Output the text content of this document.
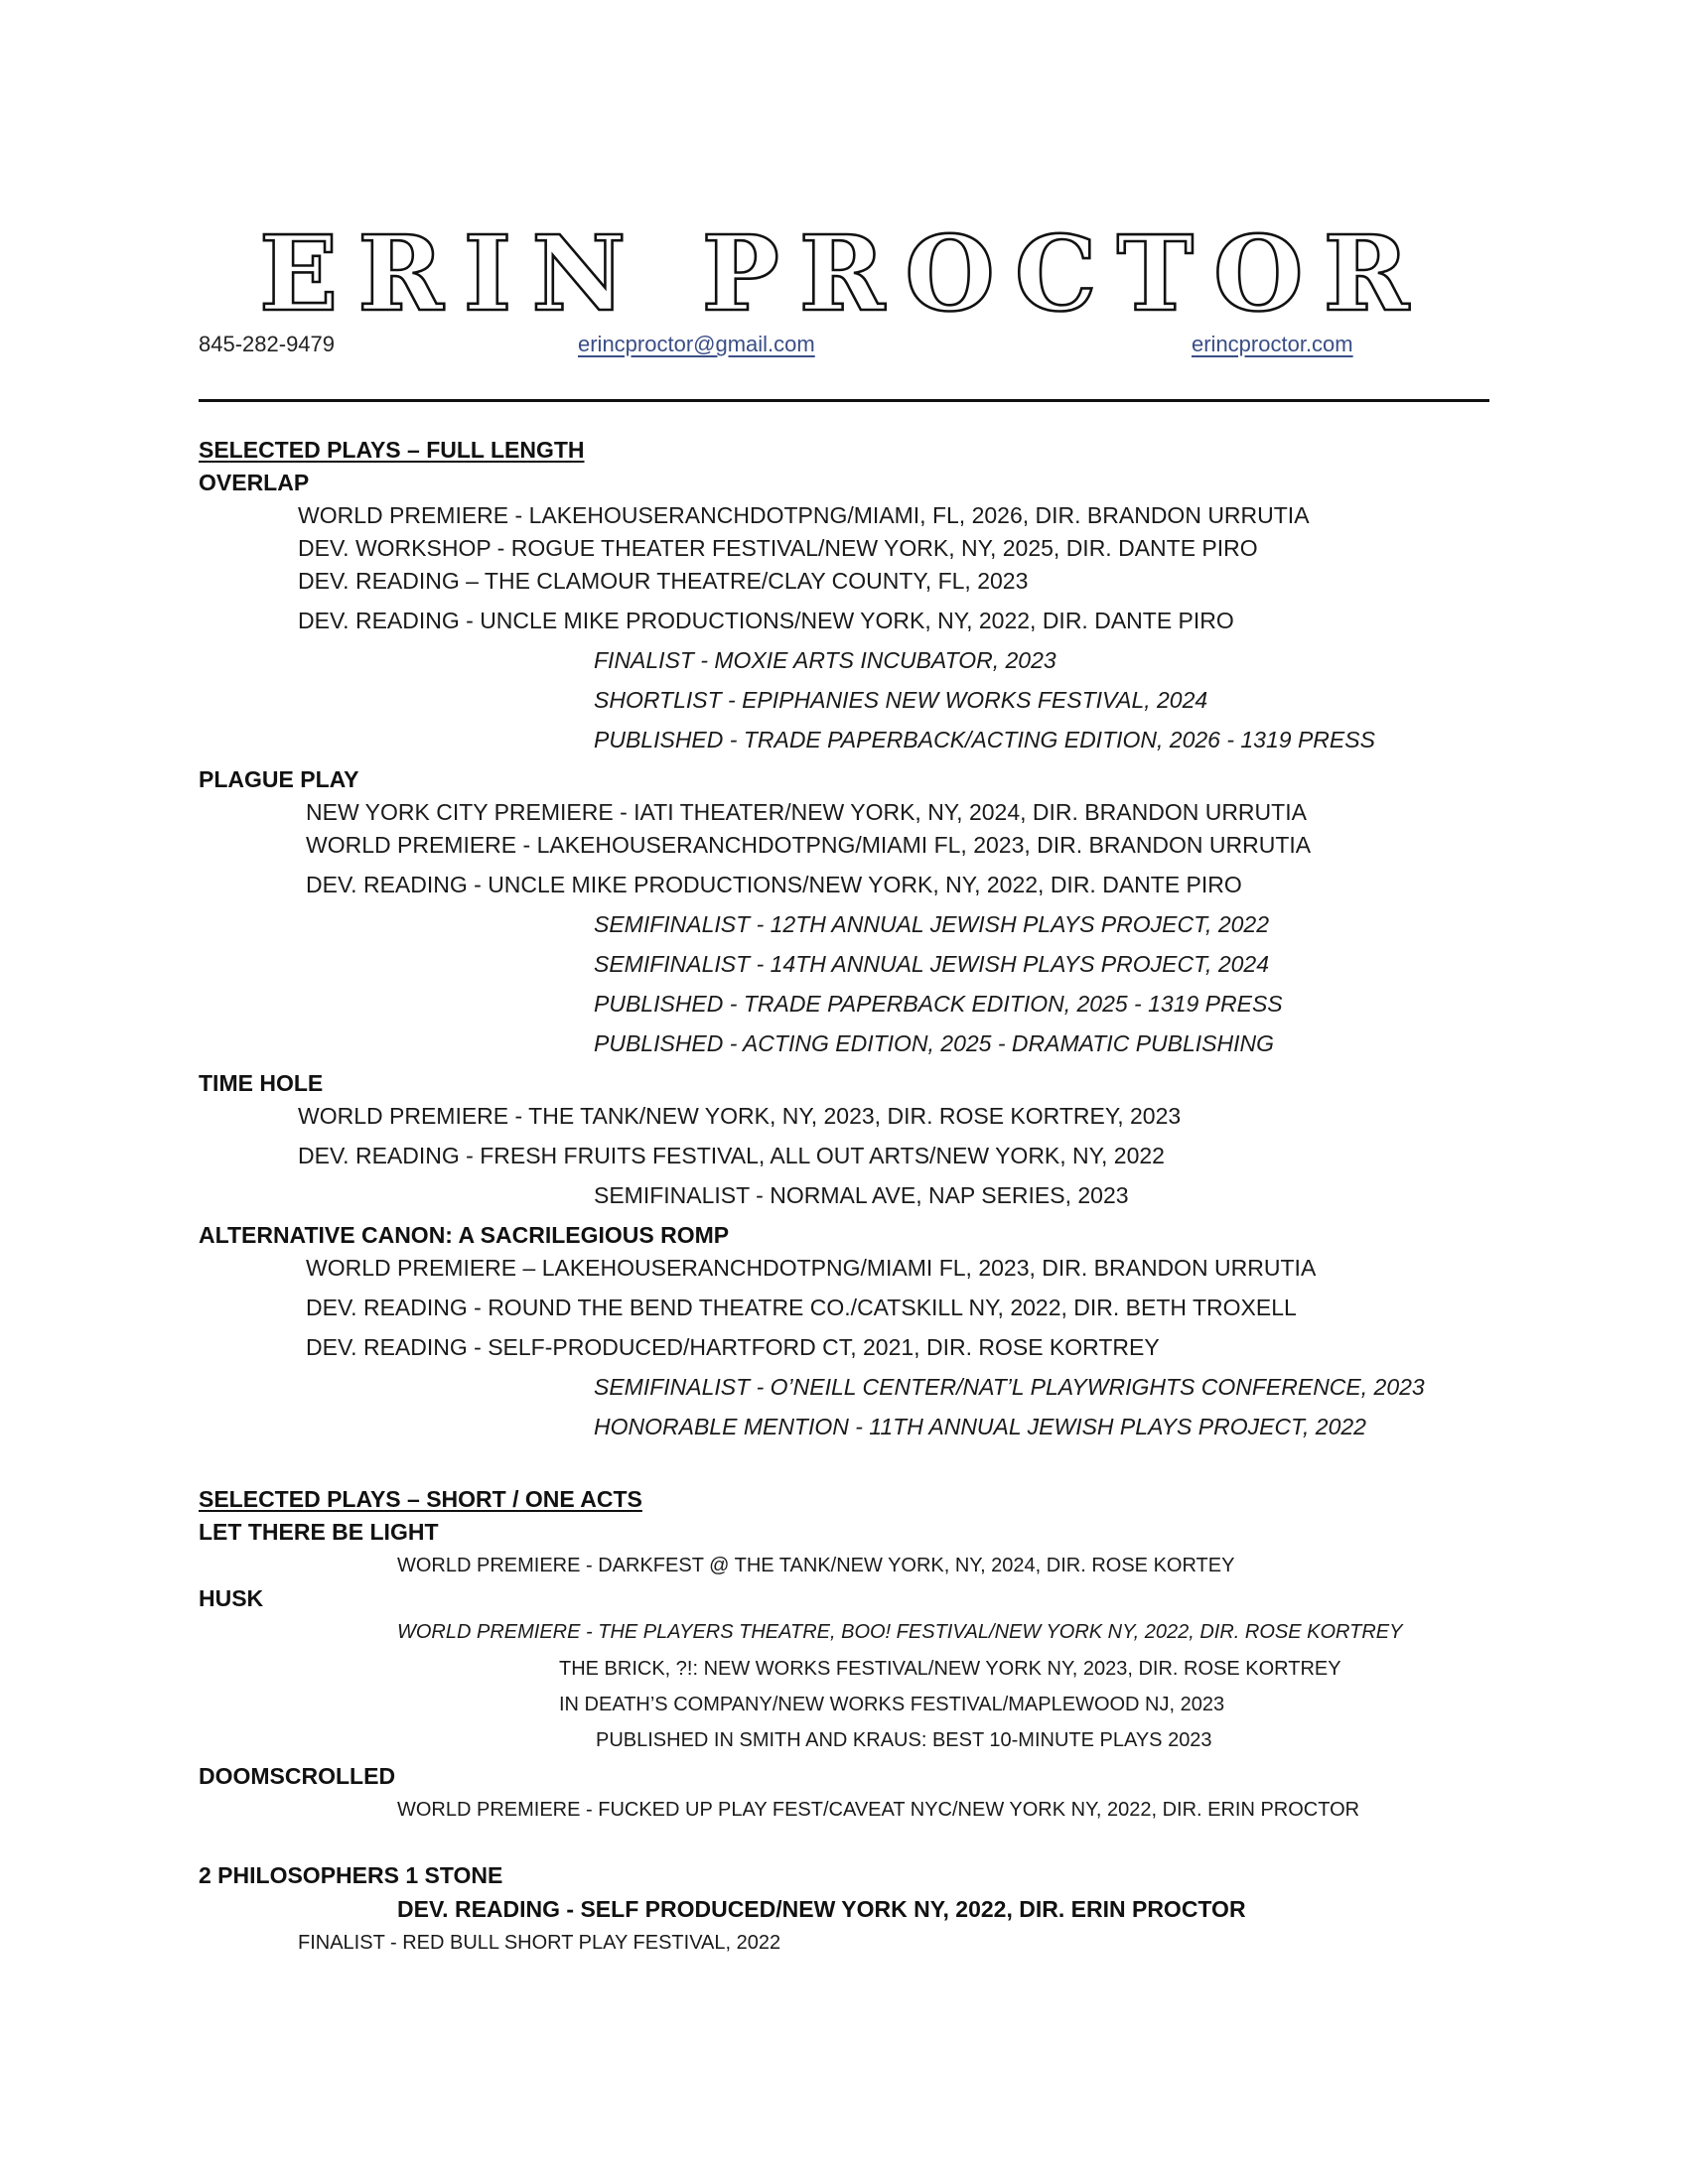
ERIN PROCTOR
845-282-9479	erincproctor@gmail.com	erincproctor.com
SELECTED PLAYS – FULL LENGTH
OVERLAP
WORLD PREMIERE - LAKEHOUSERANCHDOTPNG/MIAMI, FL, 2026, DIR. BRANDON URRUTIA
DEV. WORKSHOP - ROGUE THEATER FESTIVAL/NEW YORK, NY, 2025, DIR. DANTE PIRO
DEV. READING – THE CLAMOUR THEATRE/CLAY COUNTY, FL, 2023
DEV. READING - UNCLE MIKE PRODUCTIONS/NEW YORK, NY, 2022, DIR. DANTE PIRO
FINALIST - MOXIE ARTS INCUBATOR, 2023
SHORTLIST - EPIPHANIES NEW WORKS FESTIVAL, 2024
PUBLISHED - TRADE PAPERBACK/ACTING EDITION, 2026 - 1319 PRESS
PLAGUE PLAY
NEW YORK CITY PREMIERE - IATI THEATER/NEW YORK, NY, 2024, DIR. BRANDON URRUTIA
WORLD PREMIERE - LAKEHOUSERANCHDOTPNG/MIAMI FL, 2023, DIR. BRANDON URRUTIA
DEV. READING - UNCLE MIKE PRODUCTIONS/NEW YORK, NY, 2022, DIR. DANTE PIRO
SEMIFINALIST - 12TH ANNUAL JEWISH PLAYS PROJECT, 2022
SEMIFINALIST - 14TH ANNUAL JEWISH PLAYS PROJECT, 2024
PUBLISHED - TRADE PAPERBACK EDITION, 2025 - 1319 PRESS
PUBLISHED - ACTING EDITION, 2025 - DRAMATIC PUBLISHING
TIME HOLE
WORLD PREMIERE - THE TANK/NEW YORK, NY, 2023, DIR. ROSE KORTREY, 2023
DEV. READING - FRESH FRUITS FESTIVAL, ALL OUT ARTS/NEW YORK, NY, 2022
SEMIFINALIST - NORMAL AVE, NAP SERIES, 2023
ALTERNATIVE CANON: A SACRILEGIOUS ROMP
WORLD PREMIERE – LAKEHOUSERANCHDOTPNG/MIAMI FL, 2023, DIR. BRANDON URRUTIA
DEV. READING - ROUND THE BEND THEATRE CO./CATSKILL NY, 2022, DIR. BETH TROXELL
DEV. READING - SELF-PRODUCED/HARTFORD CT, 2021, DIR. ROSE KORTREY
SEMIFINALIST - O’NEILL CENTER/NAT’L PLAYWRIGHTS CONFERENCE, 2023
HONORABLE MENTION - 11TH ANNUAL JEWISH PLAYS PROJECT, 2022
SELECTED PLAYS – SHORT / ONE ACTS
LET THERE BE LIGHT
WORLD PREMIERE - DARKFEST @ THE TANK/NEW YORK, NY, 2024, DIR. ROSE KORTEY
HUSK
WORLD PREMIERE - THE PLAYERS THEATRE, BOO! FESTIVAL/NEW YORK NY, 2022, DIR. ROSE KORTREY
THE BRICK, ?!: NEW WORKS FESTIVAL/NEW YORK NY, 2023, DIR. ROSE KORTREY
IN DEATH’S COMPANY/NEW WORKS FESTIVAL/MAPLEWOOD NJ, 2023
PUBLISHED IN SMITH AND KRAUS: BEST 10-MINUTE PLAYS 2023
DOOMSCROLLED
WORLD PREMIERE - FUCKED UP PLAY FEST/CAVEAT NYC/NEW YORK NY, 2022, DIR. ERIN PROCTOR
2 PHILOSOPHERS 1 STONE
DEV. READING - SELF PRODUCED/NEW YORK NY, 2022, DIR. ERIN PROCTOR
FINALIST - RED BULL SHORT PLAY FESTIVAL, 2022
